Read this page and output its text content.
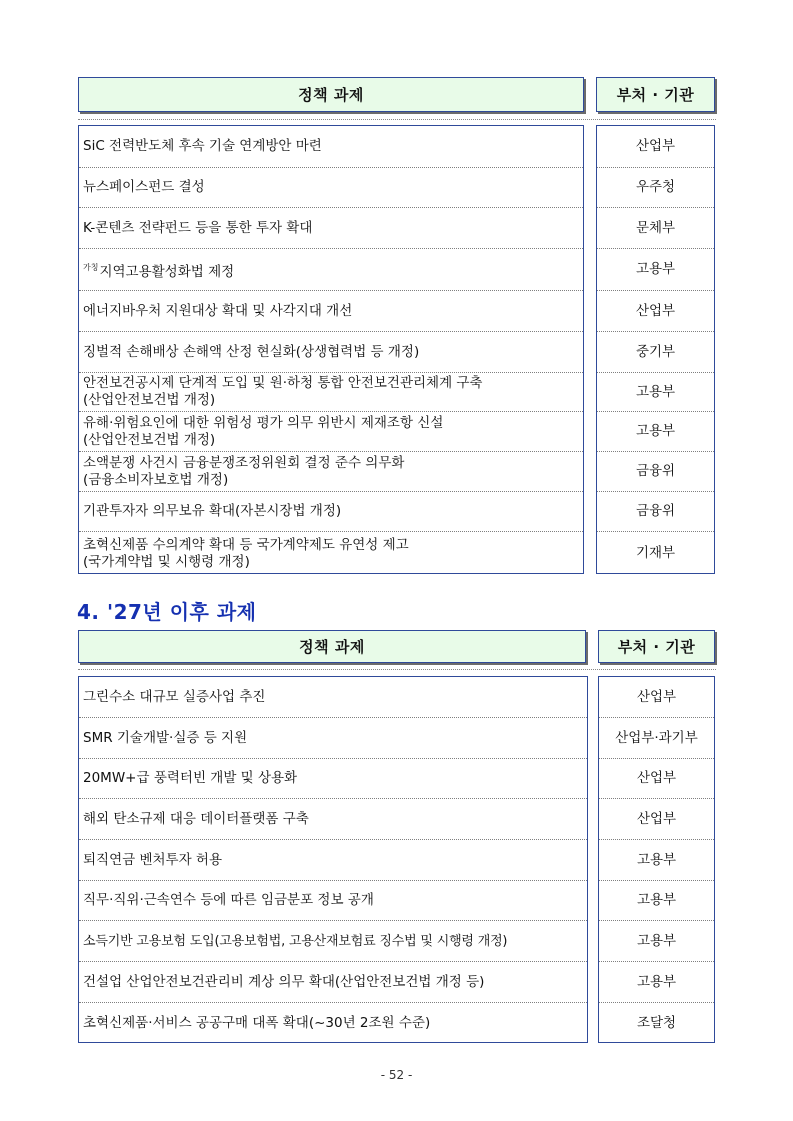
정책 과제	부처 · 기관
SiC 전력반도체 후속 기술 연계방안 마련
뉴스페이스펀드 결성
K-콘텐츠 전략펀드 등을 통한 투자 확대
$^{가칭}$지역고용활성화법 제정
에너지바우처 지원대상 확대 및 사각지대 개선
징벌적 손해배상 손해액 산정 현실화(상생협력법 등 개정)
안전보건공시제 단계적 도입 및 원·하청 통합 안전보건관리체계 구축
(산업안전보건법 개정)
유해·위험요인에 대한 위험성 평가 의무 위반시 제재조항 신설
(산업안전보건법 개정)
소액분쟁 사건시 금융분쟁조정위원회 결정 준수 의무화
(금융소비자보호법 개정)
기관투자자 의무보유 확대(자본시장법 개정)
초혁신제품 수의계약 확대 등 국가계약제도 유연성 제고
(국가계약법 및 시행령 개정)
산업부
우주청
문체부
고용부
산업부
중기부
고용부
고용부
금융위
금융위
기재부
4. '27년 이후 과제
정책 과제	부처 · 기관
그린수소 대규모 실증사업 추진
SMR 기술개발·실증 등 지원
20MW+급 풍력터빈 개발 및 상용화
해외 탄소규제 대응 데이터플랫폼 구축
퇴직연금 벤처투자 허용
직무·직위·근속연수 등에 따른 임금분포 정보 공개
소득기반 고용보험 도입(고용보험법, 고용산재보험료 징수법 및 시행령 개정)
건설업 산업안전보건관리비 계상 의무 확대(산업안전보건법 개정 등)
초혁신제품·서비스 공공구매 대폭 확대(~30년 2조원 수준)
산업부
산업부·과기부
산업부
산업부
고용부
고용부
고용부
고용부
조달청
- 52 -
